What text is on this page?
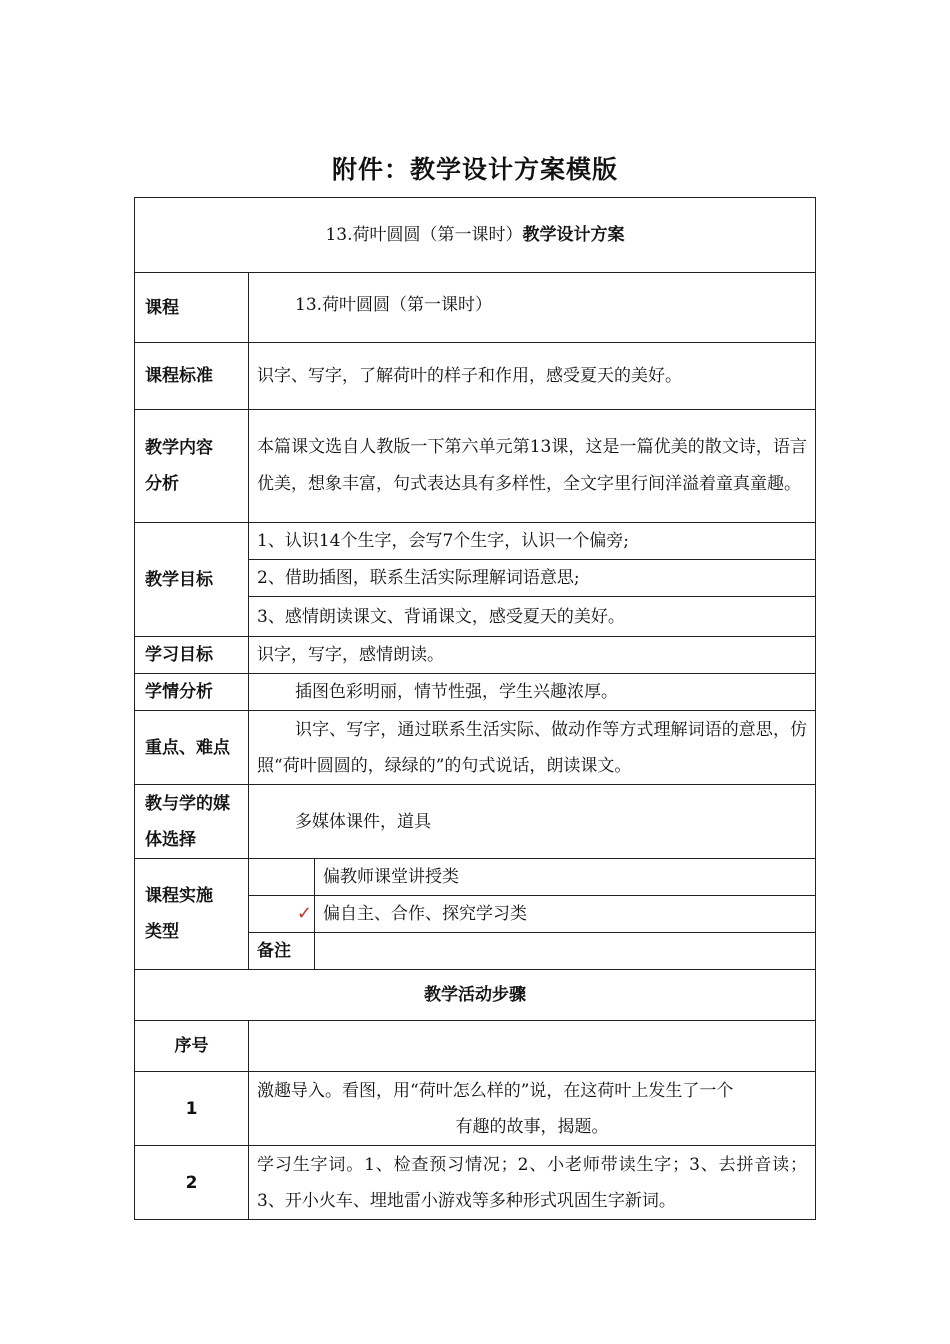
附件：教学设计方案模版
13.荷叶圆圆（第一课时）教学设计方案		
课程	13.荷叶圆圆（第一课时）	
课程标准	识字、写字，了解荷叶的样子和作用，感受夏天的美好。	

教学内容
分析	本篇课文选自人教版一下第六单元第13课，这是一篇优美的散文诗，语言优美，想象丰富，句式表达具有多样性，全文字里行间洋溢着童真童趣。	
教学目标	1、认识14个生字，会写7个生字，认识一个偏旁;	
	2、借助插图，联系生活实际理解词语意思;	
	3、感情朗读课文、背诵课文，感受夏天的美好。	
学习目标	识字，写字，感情朗读。	
学情分析	插图色彩明丽，情节性强，学生兴趣浓厚。	
重点、难点	识字、写字，通过联系生活实际、做动作等方式理解词语的意思，仿照“荷叶圆圆的，绿绿的”的句式说话，朗读课文。	

教与学的媒
体选择	多媒体课件，道具	

课程实施
类型		偏教师课堂讲授类
	✓	偏自主、合作、探究学习类
	备注	
教学活动步骤		
序号		
1	激趣导入。看图，用“荷叶怎么样的”说，在这荷叶上发生了一个
有趣的故事，揭题。	

2	学习生字词。1、检查预习情况；2、小老师带读生字；3、去拼音读；3、开小火车、埋地雷小游戏等多种形式巩固生字新词。	
